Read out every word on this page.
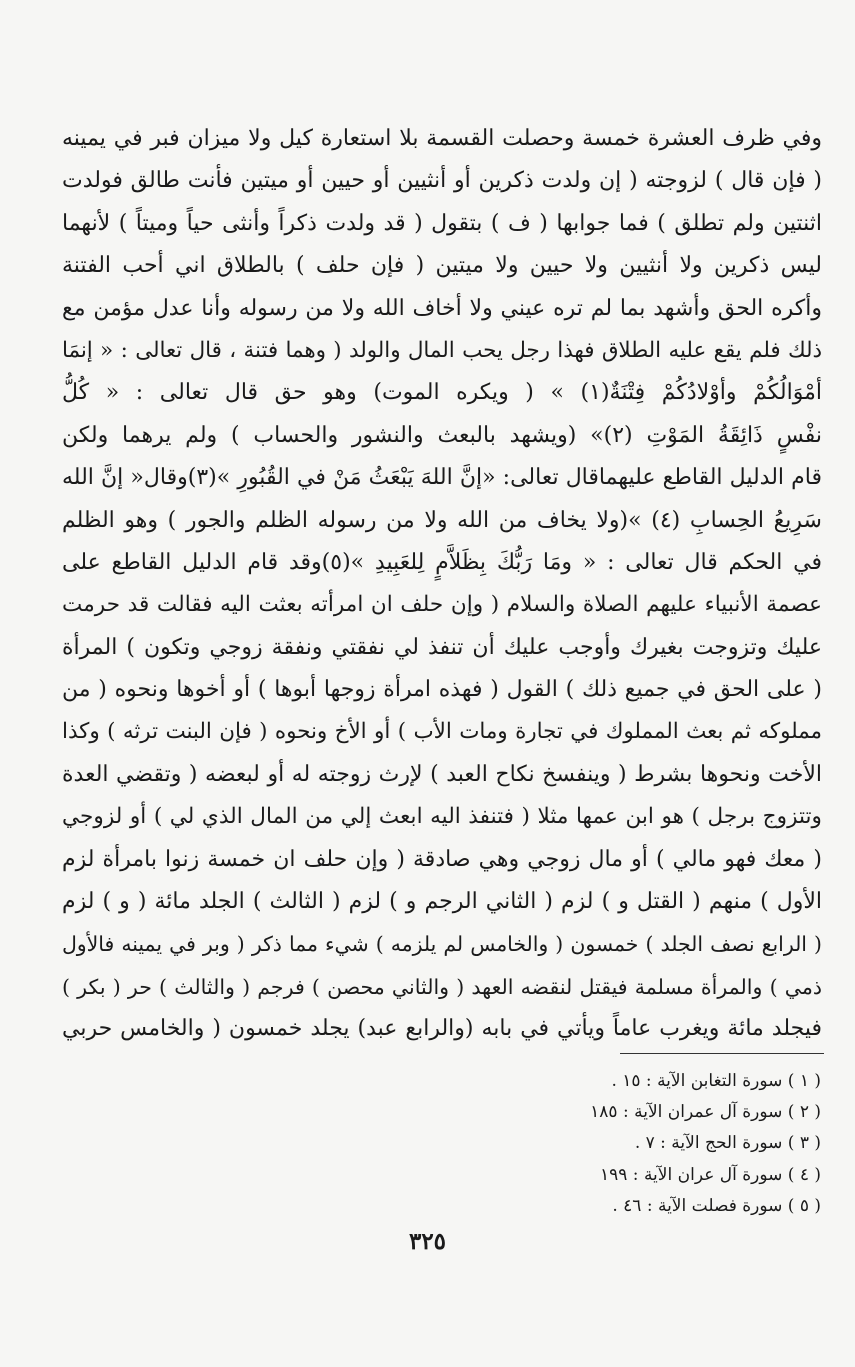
وفي ظرف العشرة خمسة وحصلت القسمة بلا استعارة كيل ولا ميزان فبر في يمينه
( فإن قال ) لزوجته ( إن ولدت ذكرين أو أنثيين أو حيين أو ميتين فأنت طالق فولدت
اثنتين ولم تطلق ) فما جوابها ( ف ) بتقول ( قد ولدت ذكراً وأنثى حياً وميتاً ) لأنهما
ليس ذكرين ولا أنثيين ولا حيين ولا ميتين ( فإن حلف ) بالطلاق اني أحب الفتنة
وأكره الحق وأشهد بما لم تره عيني ولا أخاف الله ولا من رسوله وأنا عدل مؤمن مع
ذلك فلم يقع عليه الطلاق فهذا رجل يحب المال والولد ( وهما فتنة ، قال تعالى : « إنمَا
أمْوَالُكُمْ وأوْلادُكُمْ فِتْنَةٌ(١) » ( ويكره الموت) وهو حق قال تعالى : « كُلُّ
نفْسٍ ذَائِقَةُ المَوْتِ (٢)» (ويشهد بالبعث والنشور والحساب ) ولم يرهما ولكن
قام الدليل القاطع عليهماقال تعالى: «إنَّ اللهَ يَبْعَثُ مَنْ في القُبُورِ »(٣)وقال« إنَّ الله
سَرِيعُ الحِسابِ (٤) »(ولا يخاف من الله ولا من رسوله الظلم والجور ) وهو الظلم
في الحكم قال تعالى : « ومَا رَبُّكَ بِظَلاَّمٍ لِلعَبِيدِ »(٥)وقد قام الدليل القاطع على
عصمة الأنبياء عليهم الصلاة والسلام ( وإن حلف ان امرأته بعثت اليه فقالت قد حرمت
عليك وتزوجت بغيرك وأوجب عليك أن تنفذ لي نفقتي ونفقة زوجي وتكون ) المرأة
( على الحق في جميع ذلك ) القول ( فهذه امرأة زوجها أبوها ) أو أخوها ونحوه ( من
مملوكه ثم بعث المملوك في تجارة ومات الأب ) أو الأخ ونحوه ( فإن البنت ترثه ) وكذا
الأخت ونحوها بشرط ( وينفسخ نكاح العبد ) لإرث زوجته له أو لبعضه ( وتقضي العدة
وتتزوج برجل ) هو ابن عمها مثلا ( فتنفذ اليه ابعث إلي من المال الذي لي ) أو لزوجي
( معك فهو مالي ) أو مال زوجي وهي صادقة ( وإن حلف ان خمسة زنوا بامرأة لزم
الأول ) منهم ( القتل و ) لزم ( الثاني الرجم و ) لزم ( الثالث ) الجلد مائة ( و ) لزم
( الرابع نصف الجلد ) خمسون ( والخامس لم يلزمه ) شيء مما ذكر ( وبر في يمينه فالأول
ذمي ) والمرأة مسلمة فيقتل لنقضه العهد ( والثاني محصن ) فرجم ( والثالث ) حر ( بكر )
فيجلد مائة ويغرب عاماً ويأتي في بابه (والرابع عبد) يجلد خمسون ( والخامس حربي
( ١ ) سورة التغابن الآية : ١٥ .
( ٢ ) سورة آل عمران الآية : ١٨٥
( ٣ ) سورة الحج الآية : ٧ .
( ٤ ) سورة آل عران الآية : ١٩٩
( ٥ ) سورة فصلت الآية : ٤٦ .
٣٢٥
